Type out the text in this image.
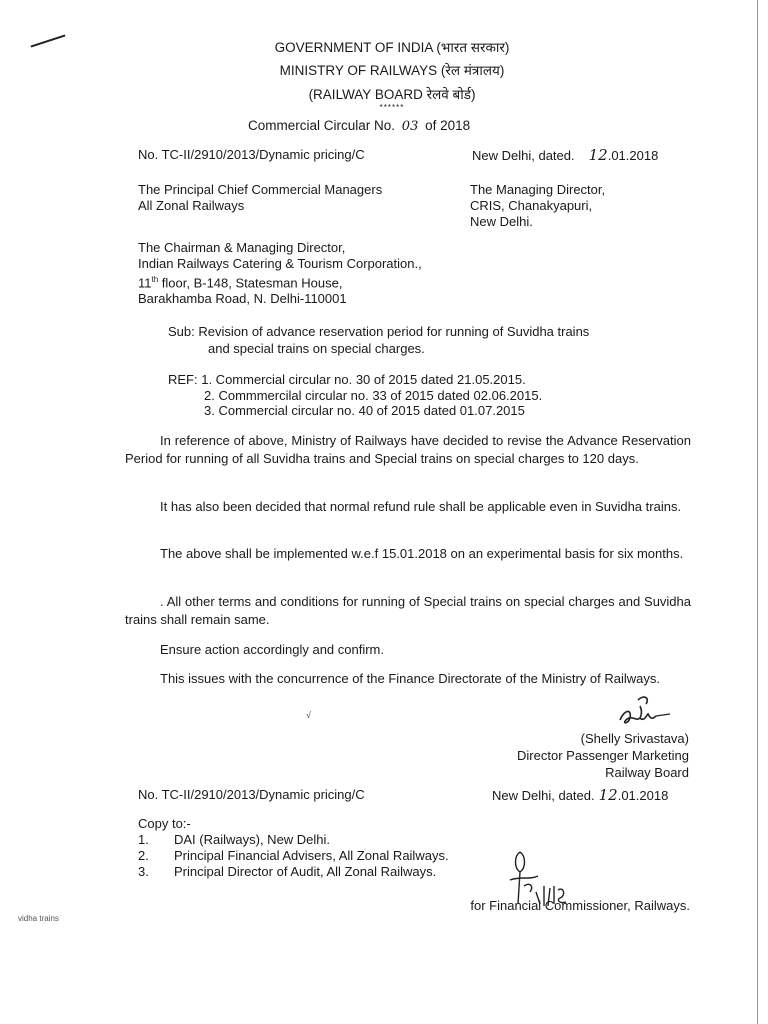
GOVERNMENT OF INDIA (भारत सरकार)
MINISTRY OF RAILWAYS (रेल मंत्रालय)
(RAILWAY BOARD रेलवे बोर्ड)
******
Commercial Circular No. 03 of 2018
No. TC-II/2910/2013/Dynamic pricing/C	New Delhi, dated. 12.01.2018
The Principal Chief Commercial Managers
All Zonal Railways
The Managing Director,
CRIS, Chanakyapuri,
New Delhi.
The Chairman & Managing Director,
Indian Railways Catering & Tourism Corporation.,
11th floor, B-148, Statesman House,
Barakhamba Road, N. Delhi-110001
Sub: Revision of advance reservation period for running of Suvidha trains
and special trains on special charges.
REF: 1. Commercial circular no. 30 of 2015 dated 21.05.2015.
2. Commmercilal circular no. 33 of 2015 dated 02.06.2015.
3. Commercial circular no. 40 of 2015 dated 01.07.2015
In reference of above, Ministry of Railways have decided to revise the Advance Reservation Period for running of all Suvidha trains and Special trains on special charges to 120 days.
It has also been decided that normal refund rule shall be applicable even in Suvidha trains.
The above shall be implemented w.e.f 15.01.2018 on an experimental basis for six months.
. All other terms and conditions for running of Special trains on special charges and Suvidha trains shall remain same.
Ensure action accordingly and confirm.
This issues with the concurrence of the Finance Directorate of the Ministry of Railways.
√
(Shelly Srivastava)
Director Passenger Marketing
Railway Board
No. TC-II/2910/2013/Dynamic pricing/C	New Delhi, dated. 12.01.2018
Copy to:-
1.	DAI (Railways), New Delhi.
2.	Principal Financial Advisers, All Zonal Railways.
3.	Principal Director of Audit, All Zonal Railways.
for Financial Commissioner, Railways.
vidha trains
